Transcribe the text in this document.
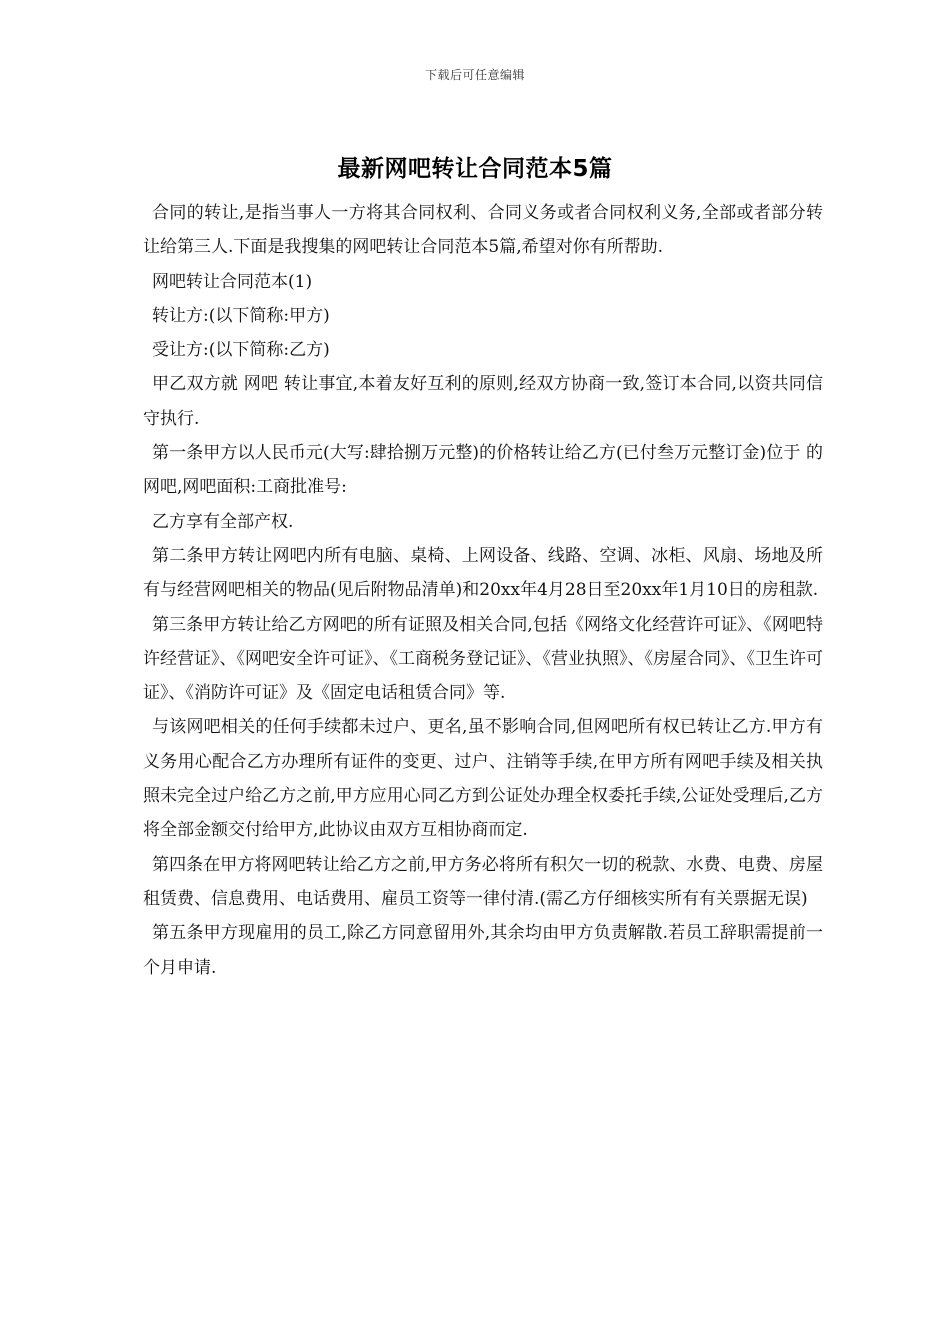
下载后可任意编辑
最新网吧转让合同范本5篇

合同的转让,是指当事人一方将其合同权利、合同义务或者合同权利义务,全部或者部分转让给第三人.下面是我搜集的网吧转让合同范本5篇,希望对你有所帮助.

网吧转让合同范本(1)

转让方:(以下简称:甲方)

受让方:(以下简称:乙方)

甲乙双方就 网吧 转让事宜,本着友好互利的原则,经双方协商一致,签订本合同,以资共同信守执行.

第一条甲方以人民币元(大写:肆拾捌万元整)的价格转让给乙方(已付叁万元整订金)位于 的网吧,网吧面积:工商批准号:

乙方享有全部产权.

第二条甲方转让网吧内所有电脑、桌椅、上网设备、线路、空调、冰柜、风扇、场地及所有与经营网吧相关的物品(见后附物品清单)和20xx年4月28日至20xx年1月10日的房租款.

第三条甲方转让给乙方网吧的所有证照及相关合同,包括《网络文化经营许可证》、《网吧特许经营证》、《网吧安全许可证》、《工商税务登记证》、《营业执照》、《房屋合同》、《卫生许可证》、《消防许可证》及《固定电话租赁合同》等.

与该网吧相关的任何手续都未过户、更名,虽不影响合同,但网吧所有权已转让乙方.甲方有义务用心配合乙方办理所有证件的变更、过户、注销等手续,在甲方所有网吧手续及相关执照未完全过户给乙方之前,甲方应用心同乙方到公证处办理全权委托手续,公证处受理后,乙方将全部金额交付给甲方,此协议由双方互相协商而定.

第四条在甲方将网吧转让给乙方之前,甲方务必将所有积欠一切的税款、水费、电费、房屋租赁费、信息费用、电话费用、雇员工资等一律付清.(需乙方仔细核实所有有关票据无误)

第五条甲方现雇用的员工,除乙方同意留用外,其余均由甲方负责解散.若员工辞职需提前一个月申请.
